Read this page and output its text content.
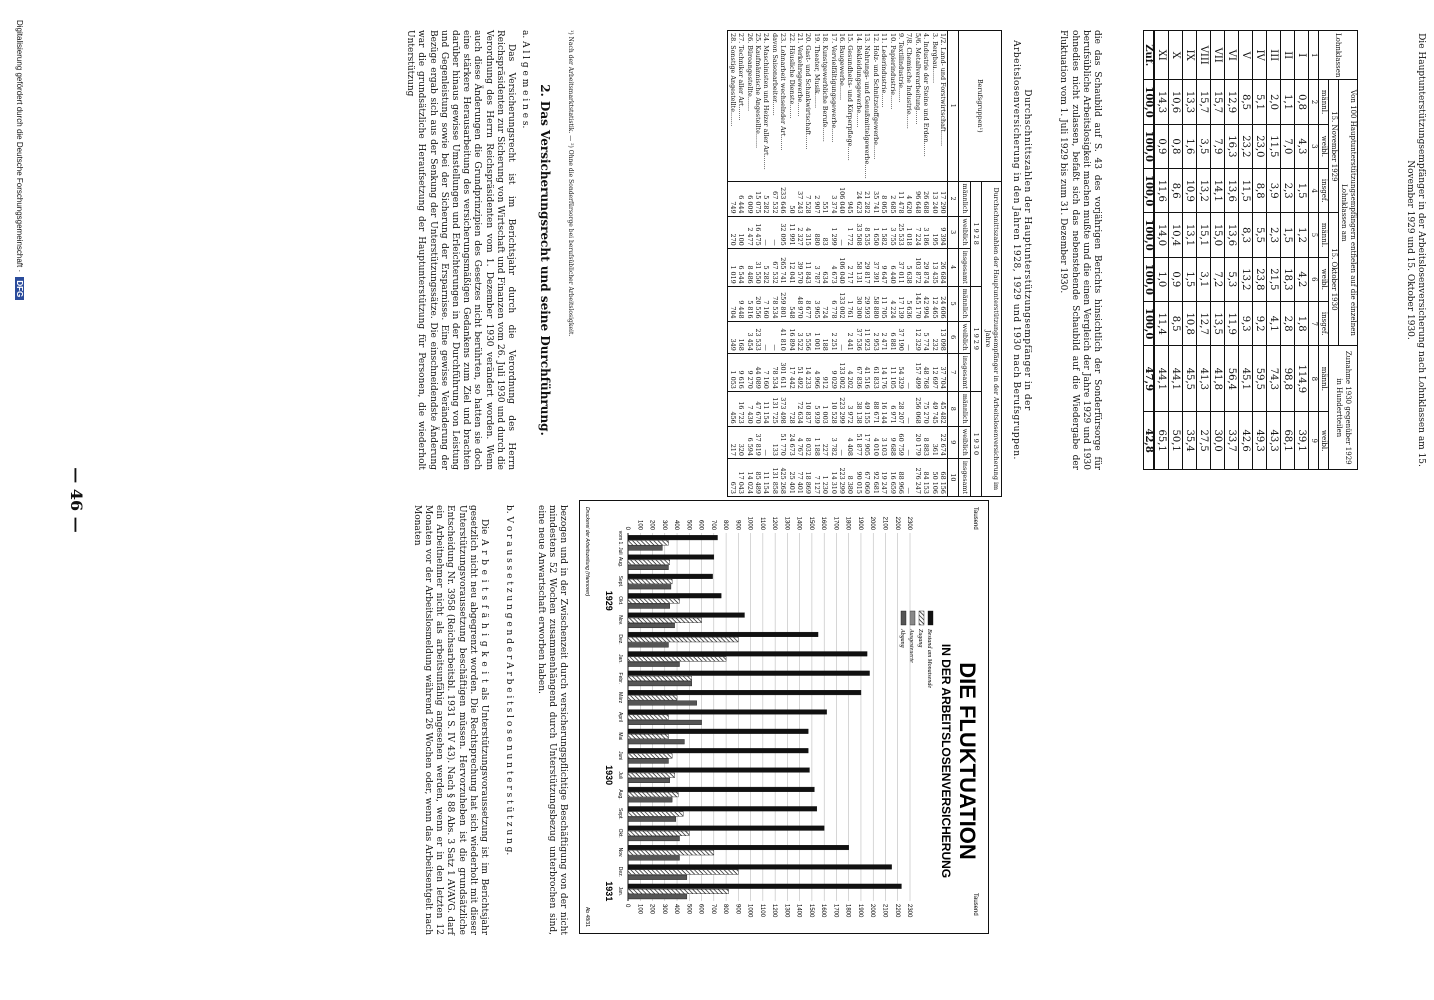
— 46 —
Die Hauptunterstützungsempfänger in der Arbeitslosenversicherung nach Lohnklassen am 15. November 1929 und 15. Oktober 1930.
Lohnklassen	Von 100 Hauptunterstützungsempfängern entfielen auf die einzelnen Lohnklassen am						Zunahme 1930 gegenüber 1929 in Hundertteilen	
	15. November 1929			15. Oktober 1930				
	männl.	weibl.	insgef.	männl.	weibl.	insgef.	männl.	weibl.
1	2	3	4	5	6	7	8	9
I	0,8	4,3	1,5	1,2	4,2	1,8	114,9	39,1
II	1,1	7,0	2,3	1,5	18,3	2,8	98,8	68,1
III	2,0	11,5	3,9	2,3	21,5	4,1	74,3	43,3
IV	5,1	23,0	8,8	5,5	23,8	9,2	59,5	49,3
V	8,5	23,2	11,5	8,3	13,2	9,3	45,1	42,6
VI	12,9	16,3	13,6	13,6	5,3	11,9	56,4	33,7
VII	15,7	7,9	14,1	15,0	7,2	13,5	41,8	30,0
VIII	15,7	3,5	13,2	15,1	3,1	12,7	41,3	27,5
IX	13,3	1,6	10,9	13,1	1,5	10,8	45,5	35,4
X	10,6	0,8	8,6	10,4	0,9	8,5	44,1	50,1
XI	14,3	0,9	11,6	14,0	1,0	11,4	44,1	65,1
Zuf.	100,0	100,0	100,0	100,0	100,0	100,0	47,9	42,8
die das Schaubild auf S. 43 des vorjährigen Berichts hinsichtlich der Sonderfürsorge für berufsübliche Arbeitslosigkeit machen mußte und die einen Vergleich der Jahre 1929 und 1930 ohnedies nicht zulassen, befaßt sich das nebenstehende Schaubild auf die Wiedergabe der Fluktuation vom 1. Juli 1929 bis zum 31. Dezember 1930.
Durchschnittszahlen der Hauptunterstützungsempfänger in der Arbeitslosenversicherung in den Jahren 1928, 1929 und 1930 nach Berufsgruppen.
Berufsgruppen¹)	Durchschnittszahlen der Hauptunterstützungsempfänger in der Arbeitslosenversicherung im Jahre								
	1 9 2 8			1 9 2 9			1 9 3 0		
	männlich	weiblich	insgesamt	männlich	weiblich	insgesamt	männlich	weiblich	insgesamt
1	2	3	4	5	6	7	8	9	10
1/2. Land- und Forstwirtschaft.......	17 290	9 394	26 684	24 606	13 098	37 704	45 482	22 674	68 156
3. Bergbau.......	13 240	195	13 435	12 465	232	12 697	49 745	361	50 106
4. Industrie der Steine und Erden.......	26 688	3 186	29 874	42 994	5 774	48 768	75 270	8 883	84 153
5/6. Metallverarbeitung.......	96 648	7 224	103 872	145 170	12 329	157 499	256 068	20 179	276 247
7/8. Chemische Industrie.......	4 620	1 018	5 638	5 636	—	—	—	—	—
9. Textilindustrie.......	11 478	25 533	37 011	17 139	37 190	54 329	28 207	60 759	88 966
10. Papierindustrie.......	2 685	3 755	6 440	4 224	6 881	11 105	6 971	9 688	16 659
11. Lederindustrie.......	8 065	1 582	9 647	11 705	2 471	14 176	16 144	3 103	19 247
12. Holz- und Schnitzstoffgewerbe.......	35 741	1 650	37 391	58 880	2 953	61 833	88 671	4 010	92 681
13. Nahrungs- und Genußmittelgewerbe.......	21 282	8 535	29 817	29 593	11 923	41 516	49 155	17 905	67 060
14. Bekleidungsgewerbe.......	24 623	33 508	58 131	30 300	37 536	67 836	38 138	51 877	90 015
15. Gesundheits- und Körperpflege.......	945	1 772	2 717	1 761	2 441	4 202	3 972	4 408	8 380
16. Baugewerbe.......	106 040	—	106 040	133 002	—	133 002	223 299	—	223 299
17. Vervielfältigungsgewerbe.......	3 374	1 299	4 673	6 778	2 251	9 029	10 528	3 782	14 310
18. Kunstgewerbliche Berufe.......	551	83	634	724	188	912	1 003	227	1 230
19. Theater, Musik.......	2 907	880	3 787	3 965	1 001	4 966	5 939	1 188	7 127
20. Gast- und Schankwirtschaft.......	7 528	4 315	11 843	8 677	5 556	14 233	10 837	8 032	18 869
21. Verkehrsgewerbe.......	37 243	2 327	39 570	48 970	3 522	51 492	72 634	4 767	77 401
22. Häusliche Dienste.......	50	11 991	12 041	548	16 894	17 442	728	24 673	25 401
23. Lohnarbeit wechselnder Art.......	233 646	32 095	265 741	259 801	41 810	301 611	373 498	51 770	425 268
davon Saisonarbeiter.......	67 532	—	67 532	78 534	—	78 534	131 725	133	131 858
24. Maschinisten und Heizer aller Art.......	5 282	—	5 282	7 160	—	7 160	11 154	—	11 154
25. Kaufmännische Angestellte.......	15 075	16 475	31 550	20 556	23 533	44 089	47 670	37 819	85 489
26. Büroangestellte.......	6 009	2 477	8 486	5 816	3 454	9 270	7 430	6 594	14 024
27. Techniker aller Art.......	6 444	100	6 544	9 448	168	9 616	16 723	320	17 043
28. Sonstige Angestellte.......	749	270	1 019	704	349	1 053	456	217	673
¹) Nach der Arbeitsmarktstatistik. — ²) Ohne die Sonderfürsorge bei berufsüblicher Arbeitslosigkeit.
2. Das Versicherungsrecht und seine Durchführung.
a. A l l g e m e i n e s.
Das Versicherungsrecht ist im Berichtsjahr durch die Verordnung des Herrn Reichspräsidenten zur Sicherung von Wirtschaft und Finanzen vom 26. Juli 1930 und durch die Verordnung des Herrn Reichspräsidenten vom 1. Dezember 1930 verändert worden. Wenn auch diese Änderungen die Grundprinzipien des Gesetzes nicht berührten, so hatten sie doch eine stärkere Herausarbeitung des versicherungsmäßigen Gedankens zum Ziel und brachten darüber hinaus gewisse Umstellungen und Erleichterungen in der Durchführung von Leistung und Gegenleistung sowie bei der Sicherung der Ersparnisse. Eine gewisse Veränderung der Bezüge ergab sich aus der Senkung der Unterstützungssätze. Die einschneidendste Änderung war die grundsätzliche Heraufsetzung der Hauptunterstützung für Personen, die wiederholt Unterstützung
bezogen und in der Zwischenzeit durch versicherungspflichtige Beschäftigung von der nicht mindestens 52 Wochen zusammenhängend durch Unterstützungsbezug unterbrochen sind, eine neue Anwartschaft erworben haben.
b. V o r a u s s e t z u n g e n d e r A r b e i t s l o s e n u n t e r s t ü t z u n g.
Die A r b e i t s f ä h i g k e i t als Unterstützungsvoraussetzung ist im Berichtsjahr gesetzlich nicht neu abgegrenzt worden. Die Rechtsprechung hat sich wiederholt mit dieser Unterstützungsvoraussetzung beschäftigen müssen. Hervorzuheben ist die grundsätzliche Entscheidung Nr. 3958 (Reichsarbeitsbl. 1931 S. IV 43). Nach § 88 Abs. 3 Satz 1 AVAVG. darf ein Arbeitnehmer nicht als arbeitsunfähig angesehen werden, wenn er in den letzten 12 Monaten vor der Arbeitslosmeldung während 26 Wochen oder, wenn das Arbeitsentgelt nach Monaten
DIE FLUKTUATION
IN DER ARBEITSLOSENVERSICHERUNG
Tausend
Tausend
Bestand am Monatsende
Zugang
Ausgesteuerte
Abgang
2300
2300
2200
2200
2100
2100
2000
2000
1900
1900
1800
1800
1700
1700
1600
1600
1500
1500
1400
1400
1300
1300
1200
1200
1100
1100
1000
1000
900
900
800
800
700
700
600
600
500
500
400
400
300
300
200
200
100
100
0
0
vom 1. Juli
Aug.
Sept.
Okt.
Nov.
Dez.
Jan.
Febr.
März
April
Mai
Juni
Juli
Aug.
Sept.
Okt.
Nov.
Dez.
Jan.
1929
1930
1931
Druckerei der Arbeitszeitung (Hannover)
Ab 48/31
Digitalisierung gefördert durch die Deutsche Forschungsgemeinschaft · DFG
